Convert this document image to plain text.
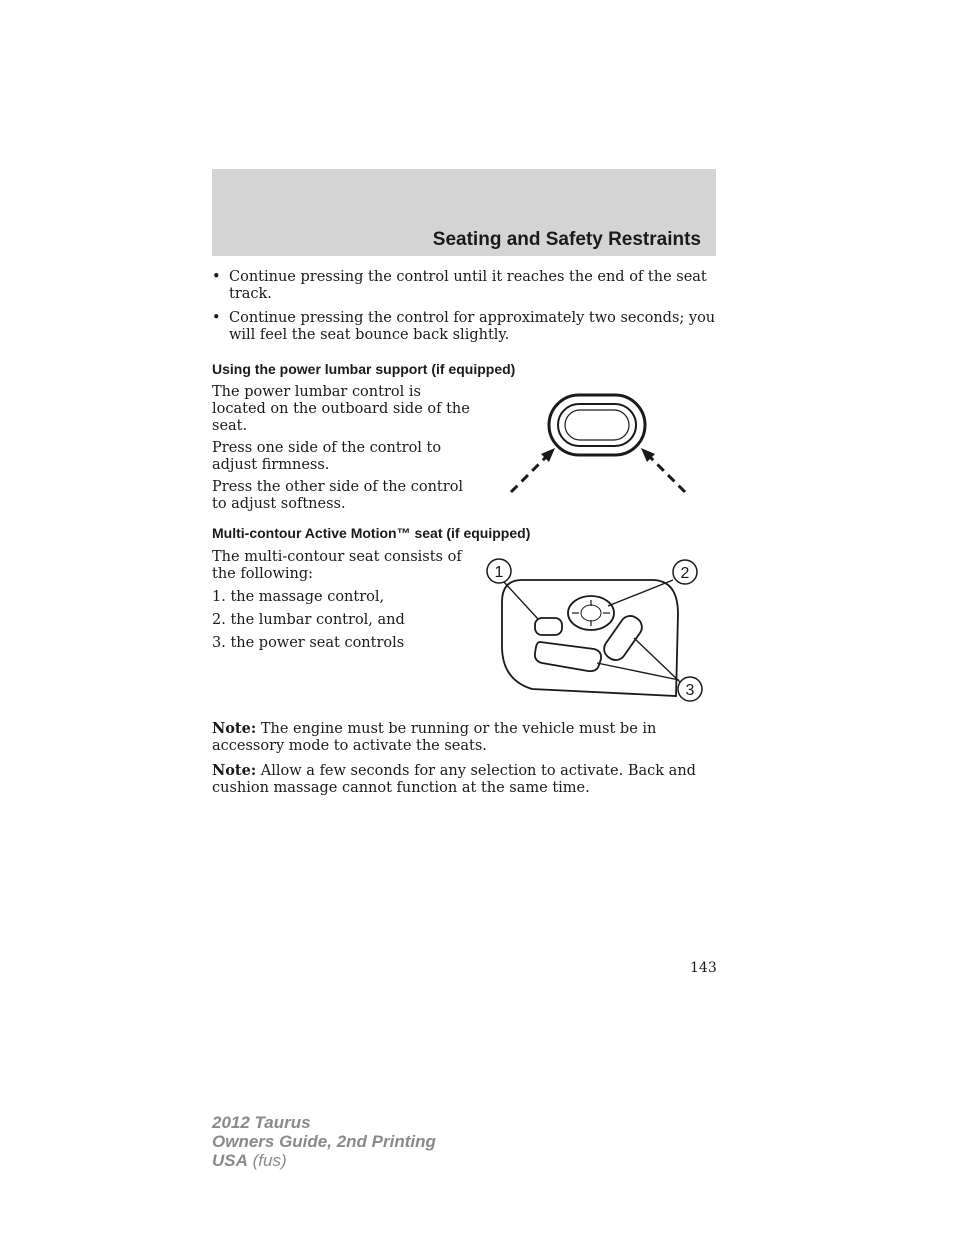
Seating and Safety Restraints
• Continue pressing the control until it reaches the end of the seat track.
• Continue pressing the control for approximately two seconds; you will feel the seat bounce back slightly.
Using the power lumbar support (if equipped)

The power lumbar control is located on the outboard side of the seat.

Press one side of the control to adjust firmness.

Press the other side of the control to adjust softness.

Multi-contour Active Motion™ seat (if equipped)

The multi-contour seat consists of the following:

1. the massage control,

2. the lumbar control, and

3. the power seat controls

1	2
3

Note: The engine must be running or the vehicle must be in accessory mode to activate the seats.

Note: Allow a few seconds for any selection to activate. Back and cushion massage cannot function at the same time.

143
2012 Taurus
Owners Guide, 2nd Printing
USA (fus)
